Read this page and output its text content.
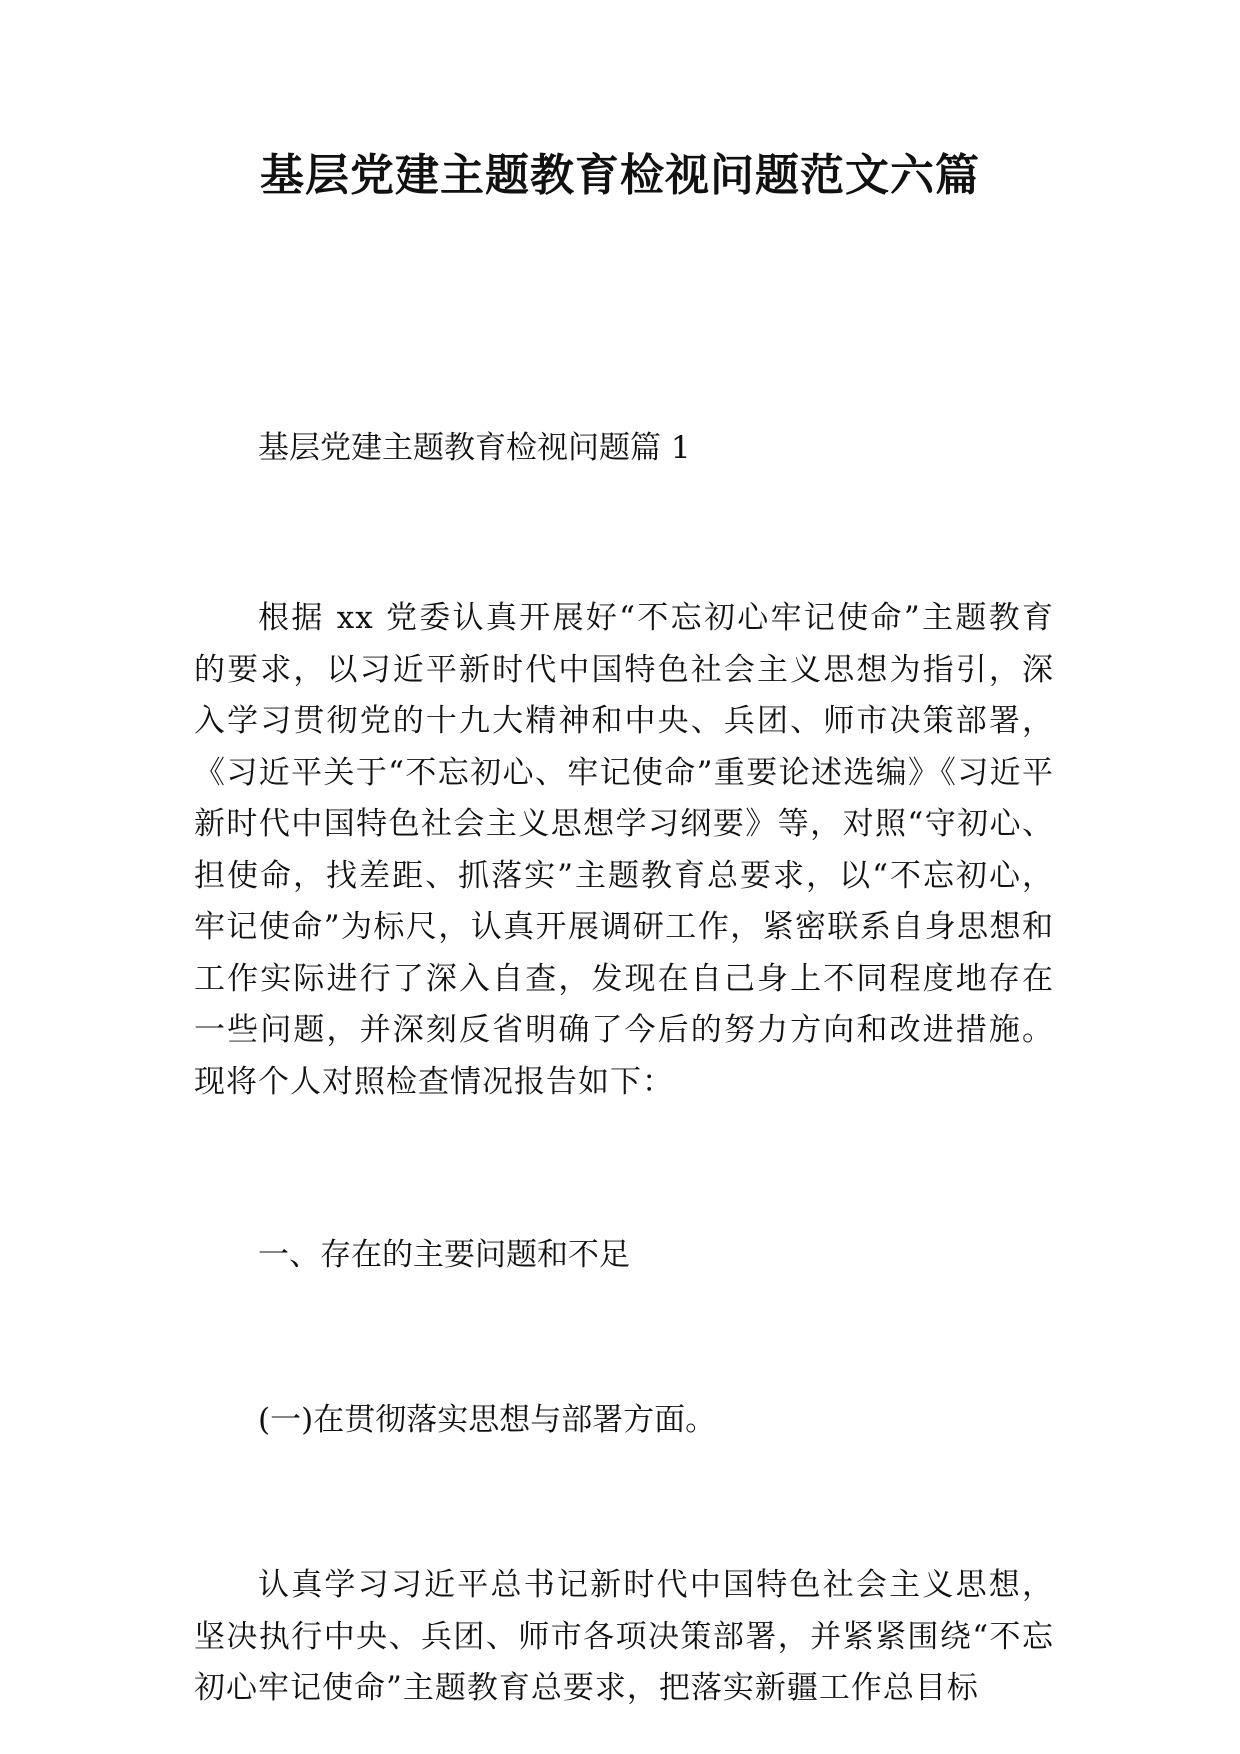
基层党建主题教育检视问题范文六篇

基层党建主题教育检视问题篇 1

根据 xx 党委认真开展好“不忘初心牢记使命”主题教育的要求，以习近平新时代中国特色社会主义思想为指引，深入学习贯彻党的十九大精神和中央、兵团、师市决策部署，《习近平关于“不忘初心、牢记使命”重要论述选编》《习近平新时代中国特色社会主义思想学习纲要》等，对照“守初心、担使命，找差距、抓落实”主题教育总要求，以“不忘初心，牢记使命”为标尺，认真开展调研工作，紧密联系自身思想和工作实际进行了深入自查，发现在自己身上不同程度地存在一些问题，并深刻反省明确了今后的努力方向和改进措施。现将个人对照检查情况报告如下：

一、存在的主要问题和不足

(一)在贯彻落实思想与部署方面。

认真学习习近平总书记新时代中国特色社会主义思想，坚决执行中央、兵团、师市各项决策部署，并紧紧围绕“不忘初心牢记使命”主题教育总要求，把落实新疆工作总目标
